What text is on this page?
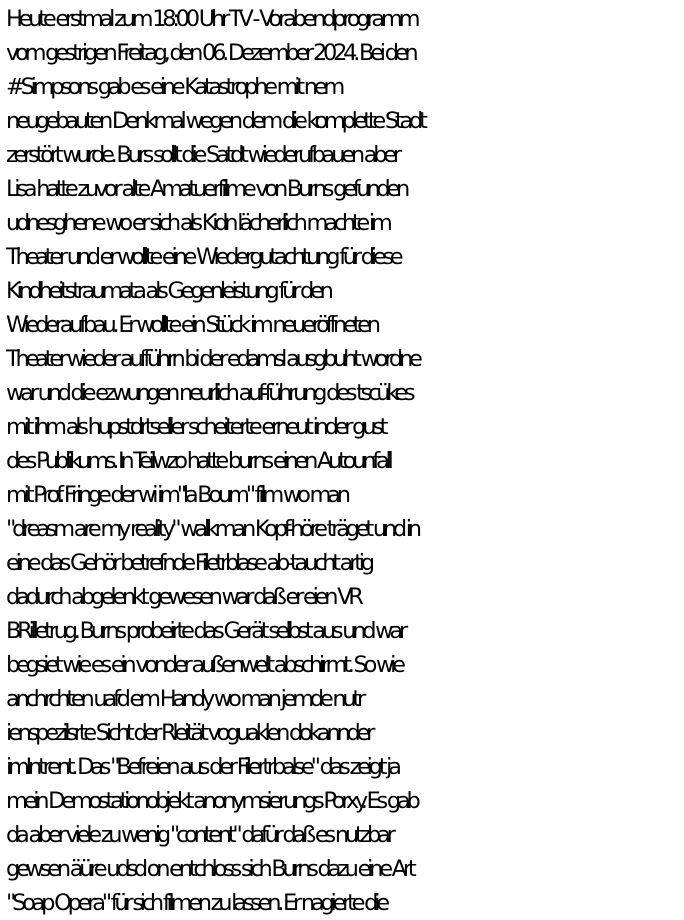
Heute erstmal zum 18:00 Uhr TV - Vorabendprogramm
vom gestrigen Freitag, den 06. Dezember 2024. Bei den
#Simpsons gab es eine Katastrophe mit nem
neugebauten Denkmal wegen dem die komplette Stadt
zerstört wurde. Burs sollt die Satdt wiederufbauen aber
Lisa hatte zuvor alte Amatuerfilme von Burns gefunden
udnesghene wo er sich als Kidn lächerlich machte im
Theater und er wollte eine Wiedergutachtung für diese
Kindheitstraumata als Gegenleistung für den
Wiederaufbau. Er wollte ein Stück im neueröffneten
Theater wieder aufführn bi der edamsl ausgbuht wordne
war und die ezwungen neurlich auf-führung des tscükes
mit ihm als hupstdrtseller scheiterte erneut inder gust
des Publikums. In Teilwzo hatte burns einen Autounfall
mit Prof. Fringe der wi im"la Boum" film wo man
"dreasm are my reality" walkman Kopf-höre träget und in
eine das Gehör betrefnde Filetrblase ab-taucht artig
dadurch abgelenkt gewesen war daß er eien VR
BRilletrug. Burns probeirte das Gerät selbst aus und war
begsiet wie es ein vonder außenwelt abschirmt. So wie
anchrchten uafd em Handy wo man jemde nutr
ienspezilsrte Sicht der Rleität voguaklen dokannder
imIntrent. Das "Befreien aus der Filertrbalse" das zeigt ja
mein Demostationobjekt anonymsierungs Porxy. Es gab
da aber viele zu wenig "content" dafür daß es nutzbar
gewsen äüre udsd on entchloss sich Burns dazu eine Art
"Soap Opera" für sich filmen zu lassen. Er nagierte die
